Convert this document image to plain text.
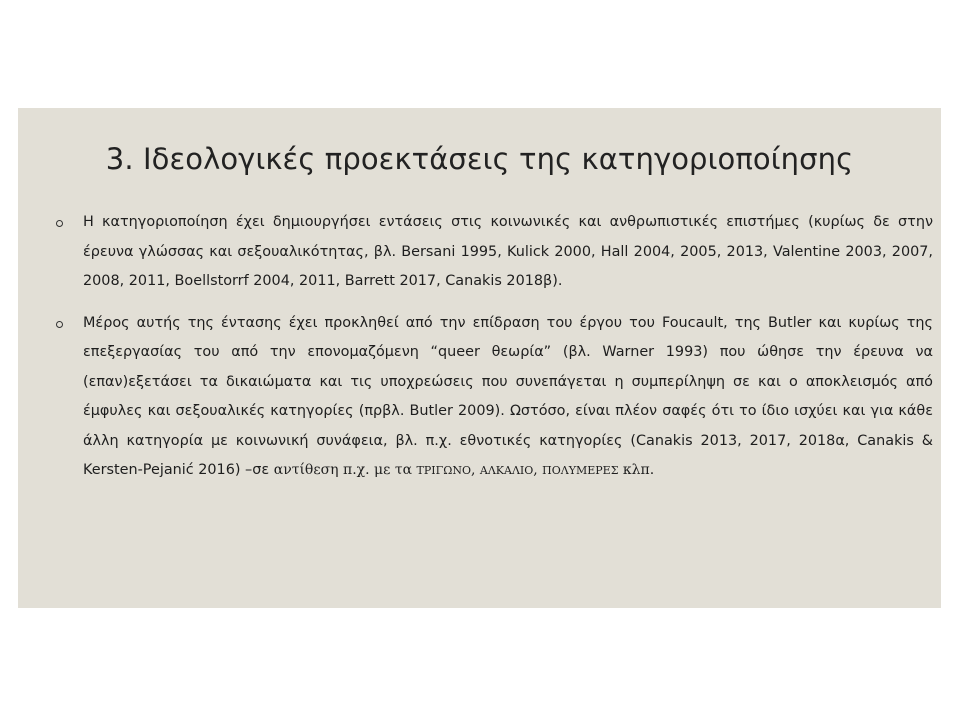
3. Ιδεολογικές προεκτάσεις της κατηγοριοποίησης
Η κατηγοριοποίηση έχει δημιουργήσει εντάσεις στις κοινωνικές και ανθρωπιστικές επιστήμες (κυρίως δε στην έρευνα γλώσσας και σεξουαλικότητας, βλ. Bersani 1995, Kulick 2000, Hall 2004, 2005, 2013, Valentine 2003, 2007, 2008, 2011, Boellstorrf 2004, 2011, Barrett 2017, Canakis 2018β).
Μέρος αυτής της έντασης έχει προκληθεί από την επίδραση του έργου του Foucault, της Butler και κυρίως της επεξεργασίας του από την επονομαζόμενη “queer θεωρία” (βλ. Warner 1993) που ώθησε την έρευνα να (επαν)εξετάσει τα δικαιώματα και τις υποχρεώσεις που συνεπάγεται η συμπερίληψη σε και ο αποκλεισμός από έμφυλες και σεξουαλικές κατηγορίες (πρβλ. Butler 2009). Ωστόσο, είναι πλέον σαφές ότι το ίδιο ισχύει και για κάθε άλλη κατηγορία με κοινωνική συνάφεια, βλ. π.χ. εθνοτικές κατηγορίες (Canakis 2013, 2017, 2018α, Canakis & Kersten-Pejanić 2016) –σε αντίθεση π.χ. με τα ΤΡΙΓΩΝΟ, ΑΛΚΑΛΙΟ, ΠΟΛΥΜΕΡΕΣ κλπ.
